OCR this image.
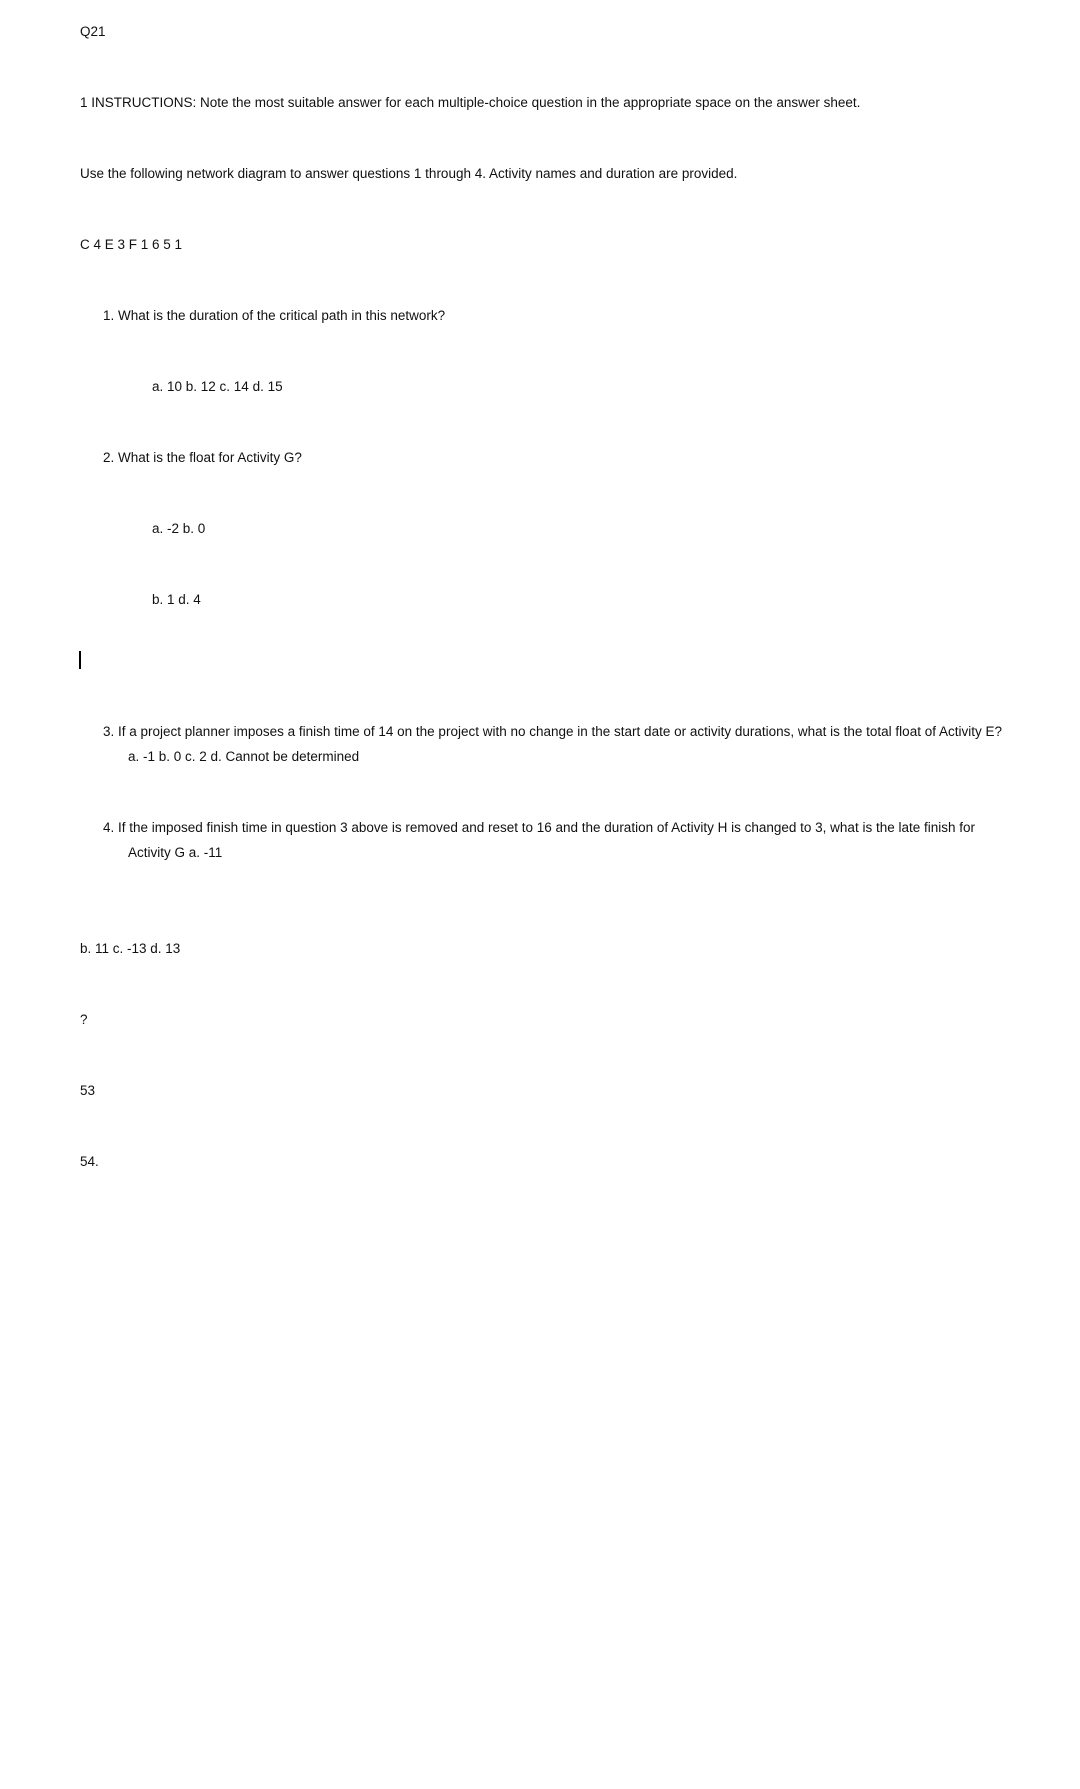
Q21
1 INSTRUCTIONS: Note the most suitable answer for each multiple-choice question in the appropriate space on the answer sheet.
Use the following network diagram to answer questions 1 through 4. Activity names and duration are provided.
C 4 E 3 F 1 6 5 1
1. What is the duration of the critical path in this network?
a. 10 b. 12 c. 14 d. 15
2. What is the float for Activity G?
a. -2 b. 0
b. 1 d. 4
3. If a project planner imposes a finish time of 14 on the project with no change in the start date or activity durations, what is the total float of Activity E? a. -1 b. 0 c. 2 d. Cannot be determined
4. If the imposed finish time in question 3 above is removed and reset to 16 and the duration of Activity H is changed to 3, what is the late finish for Activity G a. -11
b. 11 c. -13 d. 13
?
53
54.
